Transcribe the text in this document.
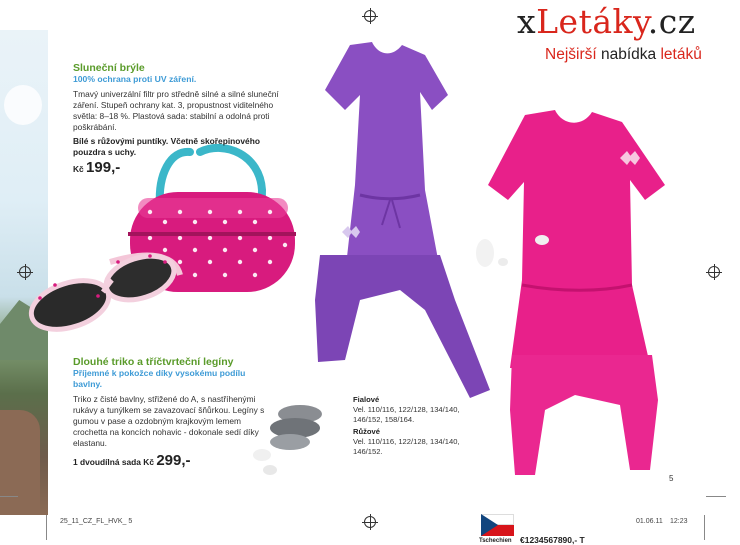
xLetáky.cz
Nejširší nabídka letáků
Sluneční brýle
100% ochrana proti UV záření.
Tmavý univerzální filtr pro středně silné a silné sluneční záření. Stupeň ochrany kat. 3, propustnost viditelného světla: 8–18 %. Plastová sada: stabilní a odolná proti poškrábání.
Bílé s růžovými puntíky. Včetně skořepinového pouzdra s uchy.
Kč 199,-
Dlouhé triko a tříčtvrteční legíny
Příjemné k pokožce díky vysokému podílu bavlny.
Triko z čisté bavlny, střižené do A, s nastříhenými rukávy a tunýlkem se zavazovací šňůrkou. Legíny s gumou v pase a ozdobným krajkovým lemem crochetta na koncích nohavic - dokonale sedí díky elastanu.
1 dvoudílná sada Kč 299,-
Fialové
Vel. 110/116, 122/128, 134/140, 146/152, 158/164.
Růžové
Vel. 110/116, 122/128, 134/140, 146/152.
5
25_11_CZ_FL_HVK_ 5	01.06.11 12:23
Tschechien €1234567890,- T
